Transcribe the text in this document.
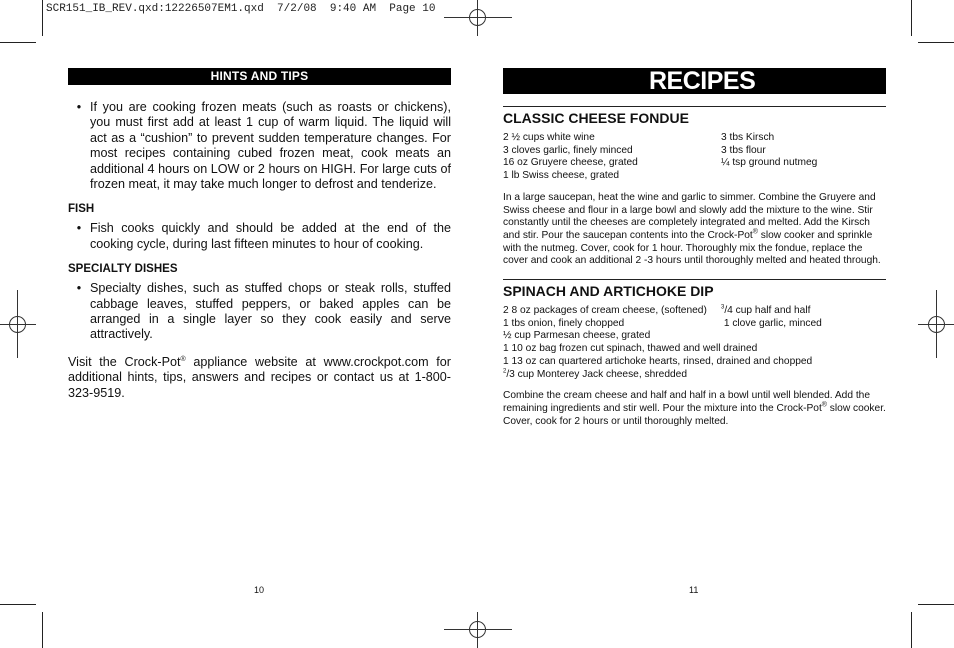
SCR151_IB_REV.qxd:12226507EM1.qxd  7/2/08  9:40 AM  Page 10
HINTS AND TIPS
• If you are cooking frozen meats (such as roasts or chickens), you must first add at least 1 cup of warm liquid. The liquid will act as a “cushion” to prevent sudden temperature changes. For most recipes containing cubed frozen meat, cook meats an additional 4 hours on LOW or 2 hours on HIGH. For large cuts of frozen meat, it may take much longer to defrost and tenderize.
FISH
• Fish cooks quickly and should be added at the end of the cooking cycle, during last fifteen minutes to hour of cooking.
SPECIALTY DISHES
• Specialty dishes, such as stuffed chops or steak rolls, stuffed cabbage leaves, stuffed peppers, or baked apples can be arranged in a single layer so they cook easily and serve attractively.
Visit the Crock-Pot® appliance website at www.crockpot.com for additional hints, tips, answers and recipes or contact us at 1-800-323-9519.
10
RECIPES
CLASSIC CHEESE FONDUE
2 ½ cups white wine
3 cloves garlic, finely minced
16 oz Gruyere cheese, grated
1 lb Swiss cheese, grated
3 tbs Kirsch
3 tbs flour
¼ tsp ground nutmeg
In a large saucepan, heat the wine and garlic to simmer. Combine the Gruyere and Swiss cheese and flour in a large bowl and slowly add the mixture to the wine. Stir constantly until the cheeses are completely integrated and melted. Add the Kirsch and stir. Pour the saucepan contents into the Crock-Pot® slow cooker and sprinkle with the nutmeg. Cover, cook for 1 hour. Thoroughly mix the fondue, replace the cover and cook an additional 2 -3 hours until thoroughly melted and heated through.
SPINACH AND ARTICHOKE DIP
2 8 oz packages of cream cheese, (softened)	$^3$/4 cup half and half
1 tbs onion, finely chopped	1 clove garlic, minced
½ cup Parmesan cheese, grated
1 10 oz bag frozen cut spinach, thawed and well drained
1 13 oz can quartered artichoke hearts, rinsed, drained and chopped
$^2$/3 cup Monterey Jack cheese, shredded
Combine the cream cheese and half and half in a bowl until well blended. Add the remaining ingredients and stir well. Pour the mixture into the Crock-Pot® slow cooker. Cover, cook for 2 hours or until thoroughly melted.
11
